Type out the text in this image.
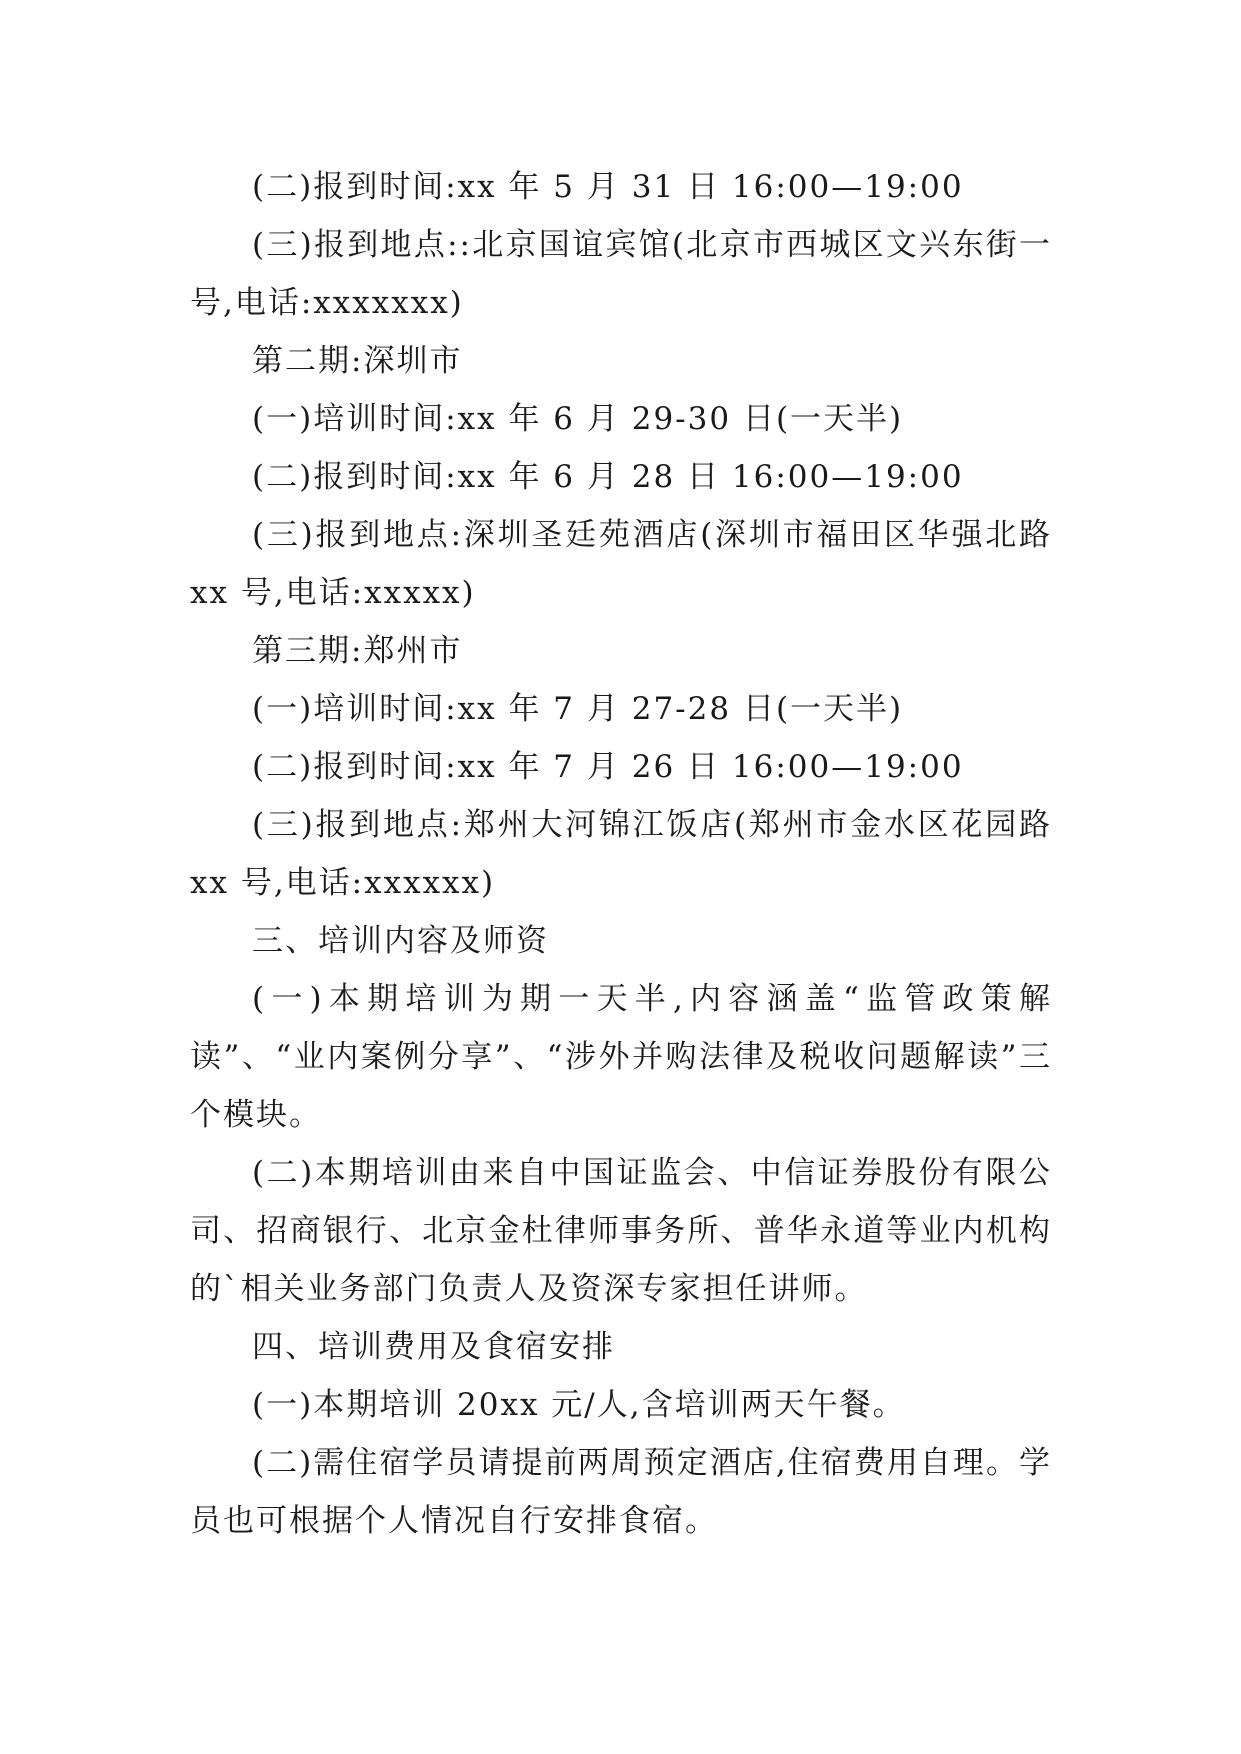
(二)报到时间:xx 年 5 月 31 日 16:00—19:00

(三)报到地点::北京国谊宾馆(北京市西城区文兴东街一号,电话:xxxxxxx)

第二期:深圳市

(一)培训时间:xx 年 6 月 29-30 日(一天半)

(二)报到时间:xx 年 6 月 28 日 16:00—19:00

(三)报到地点:深圳圣廷苑酒店(深圳市福田区华强北路xx 号,电话:xxxxx)

第三期:郑州市

(一)培训时间:xx 年 7 月 27-28 日(一天半)

(二)报到时间:xx 年 7 月 26 日 16:00—19:00

(三)报到地点:郑州大河锦江饭店(郑州市金水区花园路xx 号,电话:xxxxxx)

三、培训内容及师资

(一)本期培训为期一天半,内容涵盖“监管政策解读”、“业内案例分享”、“涉外并购法律及税收问题解读”三个模块。

(二)本期培训由来自中国证监会、中信证券股份有限公司、招商银行、北京金杜律师事务所、普华永道等业内机构的`相关业务部门负责人及资深专家担任讲师。

四、培训费用及食宿安排

(一)本期培训 20xx 元/人,含培训两天午餐。

(二)需住宿学员请提前两周预定酒店,住宿费用自理。学员也可根据个人情况自行安排食宿。
